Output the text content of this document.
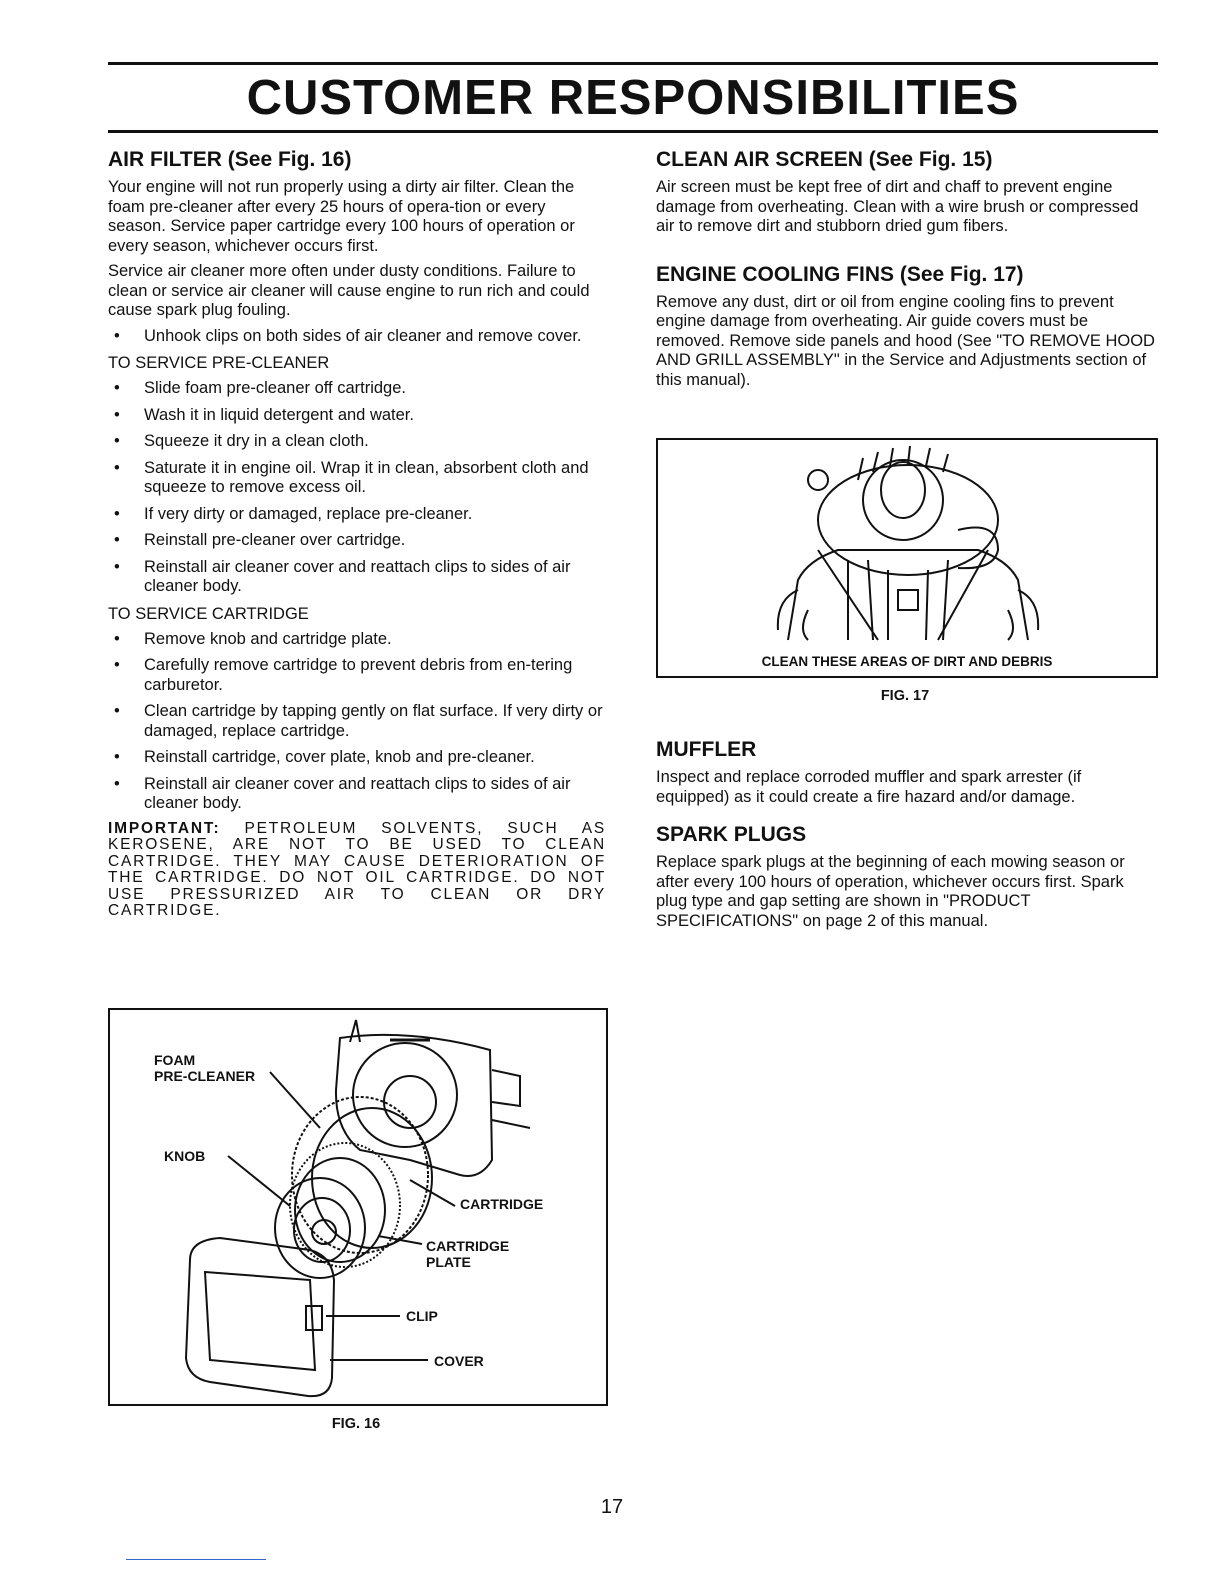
CUSTOMER RESPONSIBILITIES
AIR FILTER (See Fig. 16)

Your engine will not run properly using a dirty air filter. Clean the foam pre-cleaner after every 25 hours of opera-tion or every season. Service paper cartridge every 100 hours of operation or every season, whichever occurs first.

Service air cleaner more often under dusty conditions. Failure to clean or service air cleaner will cause engine to run rich and could cause spark plug fouling.

• Unhook clips on both sides of air cleaner and remove cover.
TO SERVICE PRE-CLEANER
• Slide foam pre-cleaner off cartridge.
• Wash it in liquid detergent and water.
• Squeeze it dry in a clean cloth.
• Saturate it in engine oil. Wrap it in clean, absorbent cloth and squeeze to remove excess oil.
• If very dirty or damaged, replace pre-cleaner.
• Reinstall pre-cleaner over cartridge.
• Reinstall air cleaner cover and reattach clips to sides of air cleaner body.
TO SERVICE CARTRIDGE
• Remove knob and cartridge plate.
• Carefully remove cartridge to prevent debris from en-tering carburetor.
• Clean cartridge by tapping gently on flat surface. If very dirty or damaged, replace cartridge.
• Reinstall cartridge, cover plate, knob and pre-cleaner.
• Reinstall air cleaner cover and reattach clips to sides of air cleaner body.

IMPORTANT: PETROLEUM SOLVENTS, SUCH AS KEROSENE, ARE NOT TO BE USED TO CLEAN CARTRIDGE. THEY MAY CAUSE DETERIORATION OF THE CARTRIDGE. DO NOT OIL CARTRIDGE. DO NOT USE PRESSURIZED AIR TO CLEAN OR DRY CARTRIDGE.

FOAM
PRE-CLEANER
KNOB
CARTRIDGE
CARTRIDGE
PLATE
CLIP
COVER
FIG. 16
CLEAN AIR SCREEN (See Fig. 15)

Air screen must be kept free of dirt and chaff to prevent engine damage from overheating. Clean with a wire brush or compressed air to remove dirt and stubborn dried gum fibers.

ENGINE COOLING FINS (See Fig. 17)

Remove any dust, dirt or oil from engine cooling fins to prevent engine damage from overheating. Air guide covers must be removed. Remove side panels and hood (See "TO REMOVE HOOD AND GRILL ASSEMBLY" in the Service and Adjustments section of this manual).

CLEAN THESE AREAS OF DIRT AND DEBRIS
FIG. 17
MUFFLER

Inspect and replace corroded muffler and spark arrester (if equipped) as it could create a fire hazard and/or damage.

SPARK PLUGS

Replace spark plugs at the beginning of each mowing season or after every 100 hours of operation, whichever occurs first. Spark plug type and gap setting are shown in "PRODUCT SPECIFICATIONS" on page 2 of this manual.

17
